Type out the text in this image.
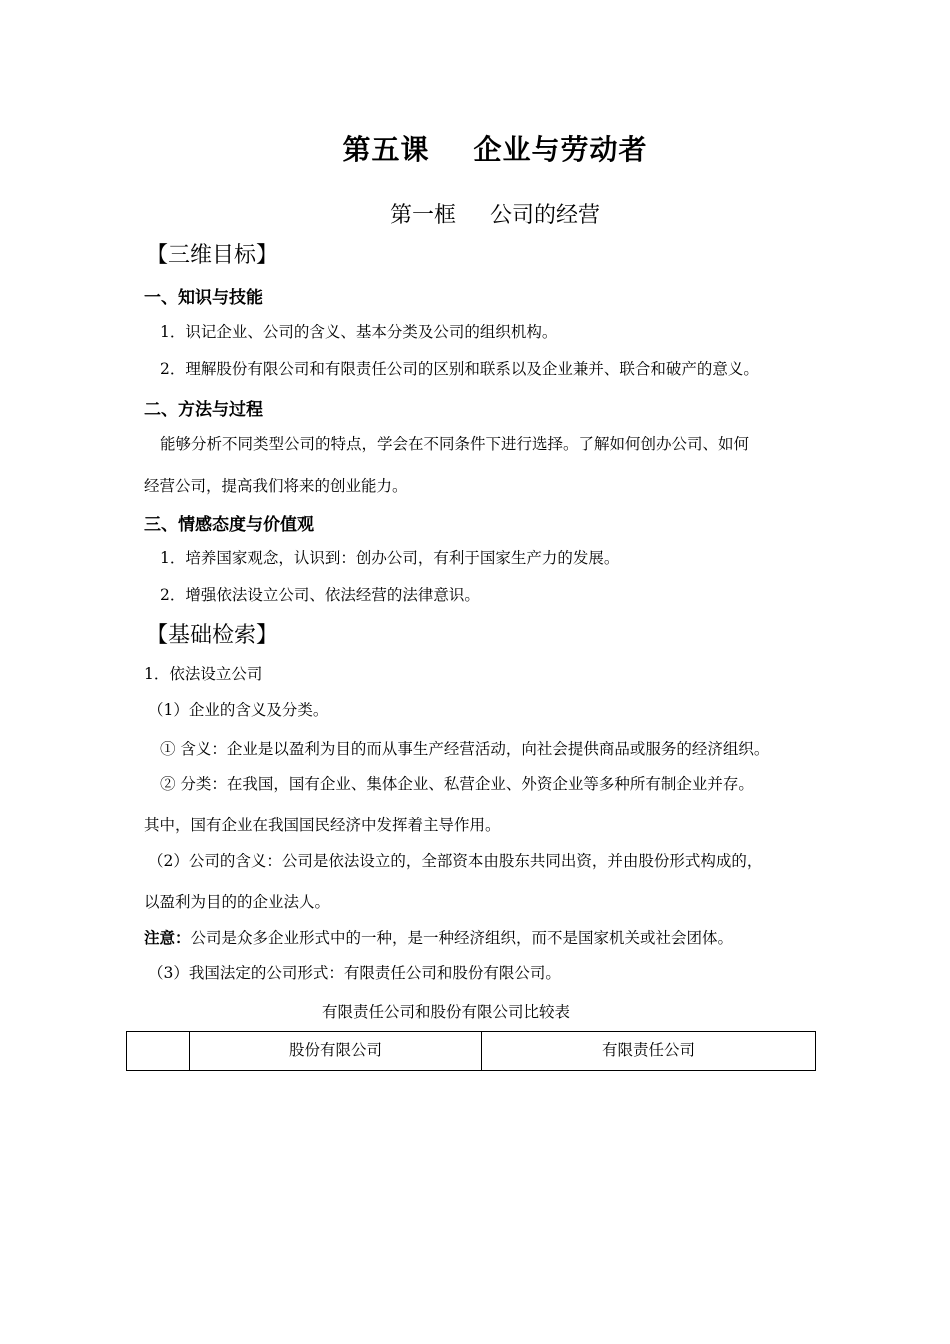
第五课 企业与劳动者
第一框 公司的经营
【三维目标】
一、知识与技能
1．识记企业、公司的含义、基本分类及公司的组织机构。
2．理解股份有限公司和有限责任公司的区别和联系以及企业兼并、联合和破产的意义。
二、方法与过程
能够分析不同类型公司的特点，学会在不同条件下进行选择。了解如何创办公司、如何
经营公司，提高我们将来的创业能力。
三、情感态度与价值观
1．培养国家观念，认识到：创办公司，有利于国家生产力的发展。
2．增强依法设立公司、依法经营的法律意识。
【基础检索】
1．依法设立公司
（1）企业的含义及分类。
① 含义：企业是以盈利为目的而从事生产经营活动，向社会提供商品或服务的经济组织。
② 分类：在我国，国有企业、集体企业、私营企业、外资企业等多种所有制企业并存。
其中，国有企业在我国国民经济中发挥着主导作用。
（2）公司的含义：公司是依法设立的，全部资本由股东共同出资，并由股份形式构成的，
以盈利为目的的企业法人。
注意：公司是众多企业形式中的一种，是一种经济组织，而不是国家机关或社会团体。
（3）我国法定的公司形式：有限责任公司和股份有限公司。
有限责任公司和股份有限公司比较表
	股份有限公司	有限责任公司
